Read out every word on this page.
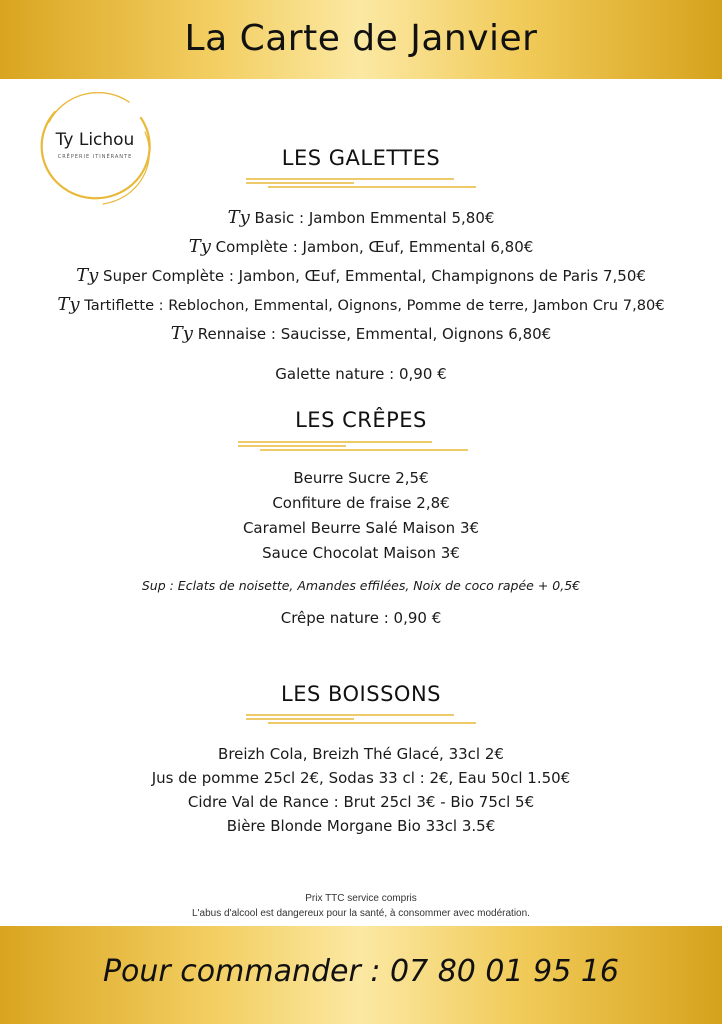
La Carte de Janvier
Ty Lichou
CRÊPERIE ITINÉRANTE	LES GALETTES
Ty Basic : Jambon Emmental 5,80€
Ty Complète : Jambon, Œuf, Emmental 6,80€
Ty Super Complète : Jambon, Œuf, Emmental, Champignons de Paris 7,50€
Ty Tartiflette : Reblochon, Emmental, Oignons, Pomme de terre, Jambon Cru 7,80€
Ty Rennaise : Saucisse, Emmental, Oignons 6,80€
Galette nature : 0,90 €
LES CRÊPES
Beurre Sucre 2,5€
Confiture de fraise 2,8€
Caramel Beurre Salé Maison 3€
Sauce Chocolat Maison 3€
Sup : Eclats de noisette, Amandes effilées, Noix de coco rapée + 0,5€
Crêpe nature : 0,90 €
LES BOISSONS
Breizh Cola, Breizh Thé Glacé, 33cl 2€
Jus de pomme 25cl 2€, Sodas 33 cl : 2€, Eau 50cl 1.50€
Cidre Val de Rance : Brut 25cl 3€ - Bio 75cl 5€
Bière Blonde Morgane Bio 33cl 3.5€
Prix TTC service compris
L'abus d'alcool est dangereux pour la santé, à consommer avec modération.
Pour commander : 07 80 01 95 16
